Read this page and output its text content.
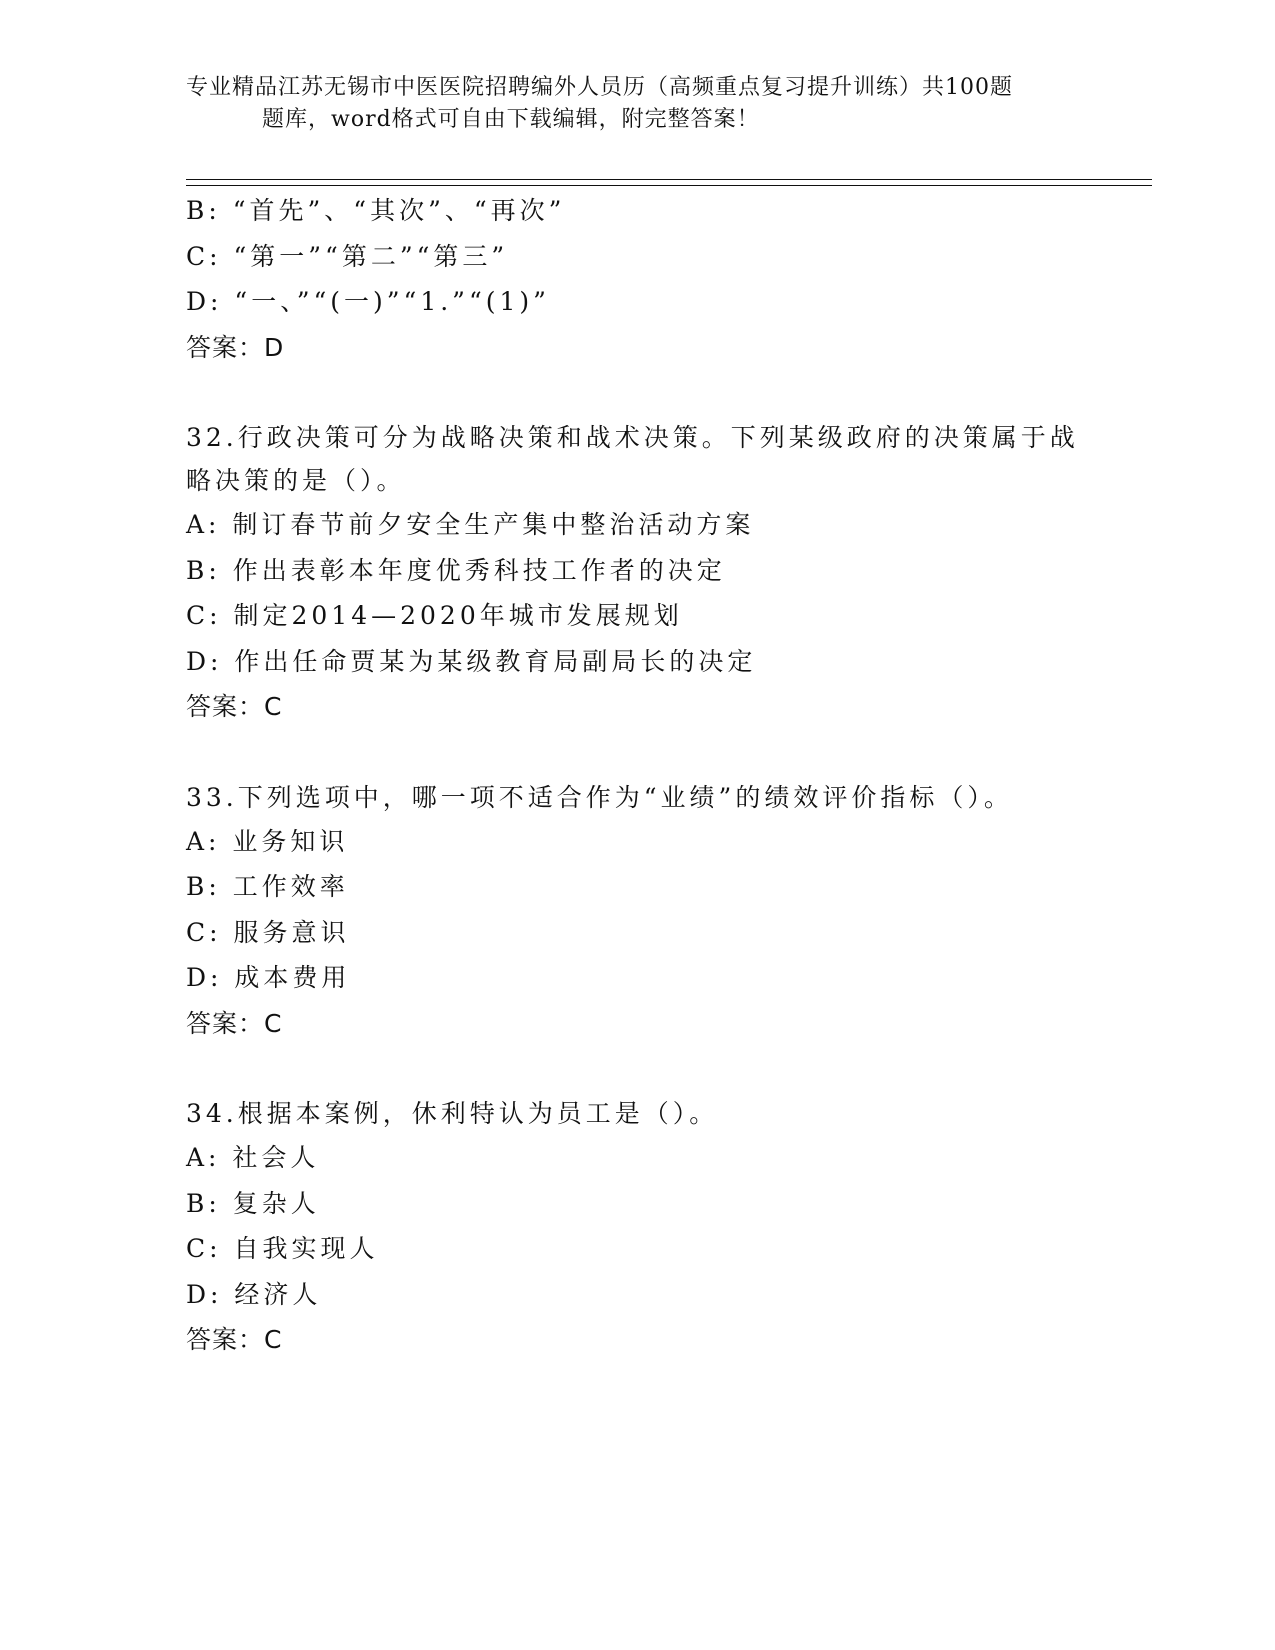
专业精品江苏无锡市中医医院招聘编外人员历（高频重点复习提升训练）共100题
题库，word格式可自由下载编辑，附完整答案！
B: “首先”、“其次”、“再次”
C: “第一”“第二”“第三”
D: “一、”“(一)”“1.”“(1)”
答案：D
32.行政决策可分为战略决策和战术决策。下列某级政府的决策属于战略决策的是（）。
A: 制订春节前夕安全生产集中整治活动方案
B: 作出表彰本年度优秀科技工作者的决定
C: 制定2014—2020年城市发展规划
D: 作出任命贾某为某级教育局副局长的决定
答案：C
33.下列选项中，哪一项不适合作为“业绩”的绩效评价指标（）。
A: 业务知识
B: 工作效率
C: 服务意识
D: 成本费用
答案：C
34.根据本案例，休利特认为员工是（）。
A: 社会人
B: 复杂人
C: 自我实现人
D: 经济人
答案：C
